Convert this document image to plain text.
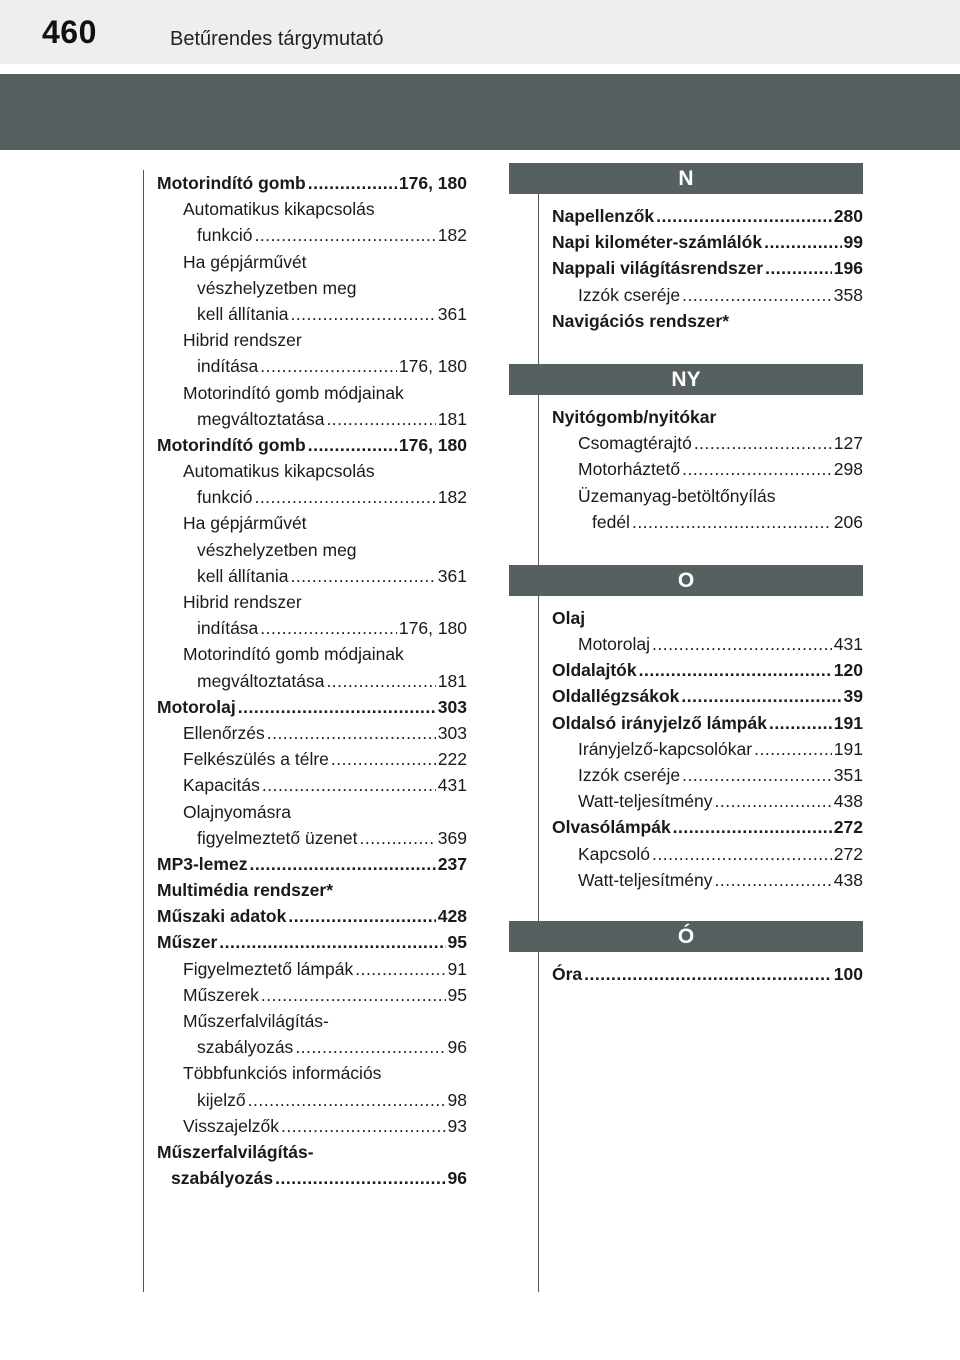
460	Betűrendes tárgymutató
Motorindító gomb .....	176, 180
Automatikus kikapcsolás
funkció .....	182
Ha gépjárművét
vészhelyzetben meg
kell állítania .....	361
Hibrid rendszer
indítása .....	176, 180
Motorindító gomb módjainak
megváltoztatása .....	181
Motorindító gomb .....	176, 180
Automatikus kikapcsolás
funkció .....	182
Ha gépjárművét
vészhelyzetben meg
kell állítania .....	361
Hibrid rendszer
indítása .....	176, 180
Motorindító gomb módjainak
megváltoztatása .....	181
Motorolaj .....	303
Ellenőrzés .....	303
Felkészülés a télre .....	222
Kapacitás .....	431
Olajnyomásra
figyelmeztető üzenet .....	369
MP3-lemez .....	237
Multimédia rendszer*
Műszaki adatok .....	428
Műszer .....	95
Figyelmeztető lámpák .....	91
Műszerek .....	95
Műszerfalvilágítás-
szabályozás .....	96
Többfunkciós információs
kijelző .....	98
Visszajelzők .....	93
Műszerfalvilágítás-
szabályozás .....	96
N
Napellenzők .....	280
Napi kilométer-számlálók .....	99
Nappali világításrendszer .....	196
Izzók cseréje .....	358
Navigációs rendszer*
NY
Nyitógomb/nyitókar
Csomagtérajtó .....	127
Motorháztető .....	298
Üzemanyag-betöltőnyílás
fedél .....	206
O
Olaj
Motorolaj .....	431
Oldalajtók .....	120
Oldallégzsákok .....	39
Oldalsó irányjelző lámpák .....	191
Irányjelző-kapcsolókar .....	191
Izzók cseréje .....	351
Watt-teljesítmény .....	438
Olvasólámpák .....	272
Kapcsoló .....	272
Watt-teljesítmény .....	438
Ó
Óra .....	100
